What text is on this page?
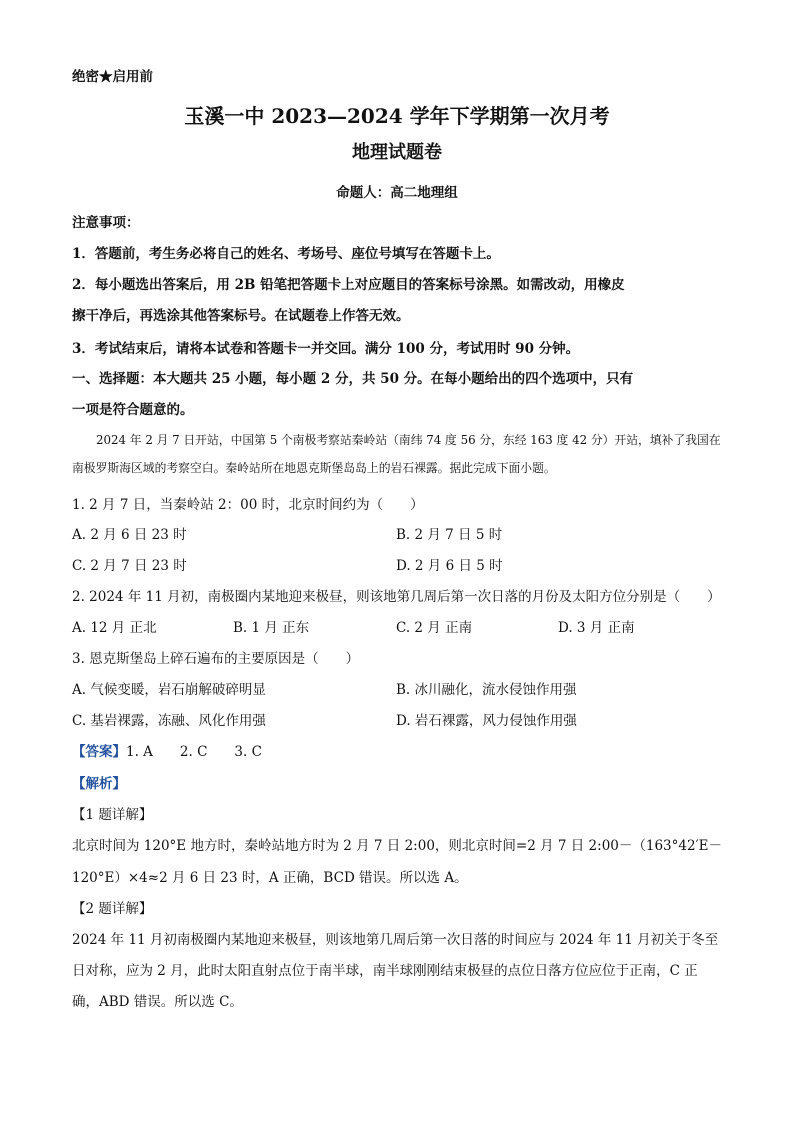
绝密★启用前
玉溪一中 2023—2024 学年下学期第一次月考
地理试题卷
命题人：高二地理组
注意事项：
1．答题前，考生务必将自己的姓名、考场号、座位号填写在答题卡上。
2．每小题选出答案后，用 2B 铅笔把答题卡上对应题目的答案标号涂黑。如需改动，用橡皮
擦干净后，再选涂其他答案标号。在试题卷上作答无效。
3．考试结束后，请将本试卷和答题卡一并交回。满分 100 分，考试用时 90 分钟。
一、选择题：本大题共 25 小题，每小题 2 分，共 50 分。在每小题给出的四个选项中，只有
一项是符合题意的。
2024 年 2 月 7 日开站，中国第 5 个南极考察站秦岭站（南纬 74 度 56 分，东经 163 度 42 分）开站，填补了我国在南极罗斯海区域的考察空白。秦岭站所在地恩克斯堡岛岛上的岩石裸露。据此完成下面小题。
1. 2 月 7 日，当秦岭站 2：00 时，北京时间约为（　　）
A. 2 月 6 日 23 时	B. 2 月 7 日 5 时
C. 2 月 7 日 23 时	D. 2 月 6 日 5 时
2. 2024 年 11 月初，南极圈内某地迎来极昼，则该地第几周后第一次日落的月份及太阳方位分别是（　　）
A. 12 月 正北	B. 1 月 正东	C. 2 月 正南	D. 3 月 正南
3. 恩克斯堡岛上碎石遍布的主要原因是（　　）
A. 气候变暖，岩石崩解破碎明显	B. 冰川融化，流水侵蚀作用强
C. 基岩裸露，冻融、风化作用强	D. 岩石裸露，风力侵蚀作用强
【答案】1. A　　2. C　　3. C
【解析】
【1 题详解】
北京时间为 120°E 地方时，秦岭站地方时为 2 月 7 日 2:00，则北京时间=2 月 7 日 2:00－（163°42′E－
120°E）×4≈2 月 6 日 23 时，A 正确，BCD 错误。所以选 A。
【2 题详解】
2024 年 11 月初南极圈内某地迎来极昼，则该地第几周后第一次日落的时间应与 2024 年 11 月初关于冬至
日对称，应为 2 月，此时太阳直射点位于南半球，南半球刚刚结束极昼的点位日落方位应位于正南，C 正
确，ABD 错误。所以选 C。
